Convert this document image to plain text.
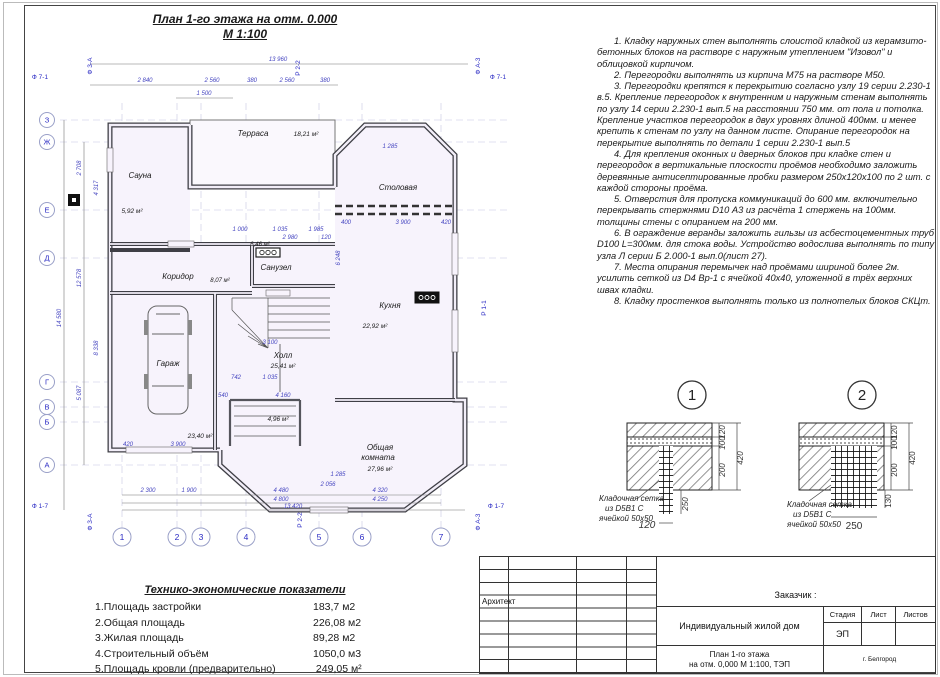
План 1-го этажа на отм. 0.000
М 1:100
13 960
2 840	2 560	380	2 560	380
1 500
14 580
12 578
8 338
5 087
2 708
4 317
2 300	1 900	4 480	4 320
4 800	4 250
13 420
2 980	120
1 000	1 035	1 985
400	3 900	420
6 248
3 100
742	1 035
4 160
540
3 900
420
1 285
1 285
2 056
З
Ж
Е
Д
Г
В
Б
А
1	2 3	4	5	6	7
Ф 7-1	Ф 7-1
Ф 3-А	Ф А-3
Ф 3-А	Ф А-3
Ф 1-7	Ф 1-7
Р 2-2
Р 2-2
Р 1-1
Терраса	18,21 м²
Сауна
5,92 м²
Столовая
Кухня
22,92 м²
Коридор	8,07 м²
Санузел
6,46 м²
Гараж
23,40 м²
Холл
25,41 м²
Общая
комната
27,96 м²
4,96 м²

1. Кладку наружных стен выполнять слоистой кладкой из керамзито-бетонных блоков на растворе с наружным утеплением "Изовол" и облицовкой кирпичом.

2. Перегородки выполнять из кирпича М75 на растворе М50.

3. Перегородки крепятся к перекрытию согласно узлу 19 серии 2.230-1 в.5. Крепление перегородок к внутренним и наружным стенам выполнять по узлу 14 серии 2.230-1 вып.5 на расстоянии 750 мм. от пола и потолка. Крепление участков перегородок в двух уровнях длиной 400мм. и менее крепить к стенам по узлу на данном листе. Опирание перегородок на перекрытие выполнять по детали 1 серии 2.230-1 вып.5

4. Для крепления оконных и дверных блоков при кладке стен и перегородок в вертикальные плоскости проёмов необходимо заложить деревянные антисептированные пробки размером 250х120х100 по 2 шт. с каждой стороны проёма.

5. Отверстия для пропуска коммуникаций до 600 мм. включительно перекрывать стержнями D10 А3 из расчёта 1 стержень на 100мм. толщины стены с опиранием на 200 мм.

6. В ограждение веранды заложить гильзы из асбестоцементных труб D100 L=300мм. для стока воды. Устройство водослива выполнять по типу узла Л серии Б 2.000-1 вып.0(лист 27).

7. Места опирания перемычек над проёмами шириной более 2м. усилить сеткой из D4 Вр-1 с ячейкой 40х40, уложенной в трёх верхних швах кладки.

8. Кладку простенков выполнять только из полнотелых блоков СКЦт.

1
120
100
200
420
250
120
Кладочная сетка
из D5В1 С
ячейкой 50х50
2
120
100
200
420
130
250
Кладочная сетка
из D5В1 С
ячейкой 50х50
Технико-экономические показатели
1.Площадь застройки	183,7 м2
2.Общая площадь	226,08 м2
3.Жилая площадь	89,28 м2
4.Строительный объём	1050,0 м3
5.Площадь кровли (предварительно)
	249,05 м²
Архитект
Заказчик :
Индивидуальный жилой дом
Стадия	Лист	Листов
ЭП
План 1-го этажа
на отм. 0,000 М 1:100, ТЭП	г. Белгород
